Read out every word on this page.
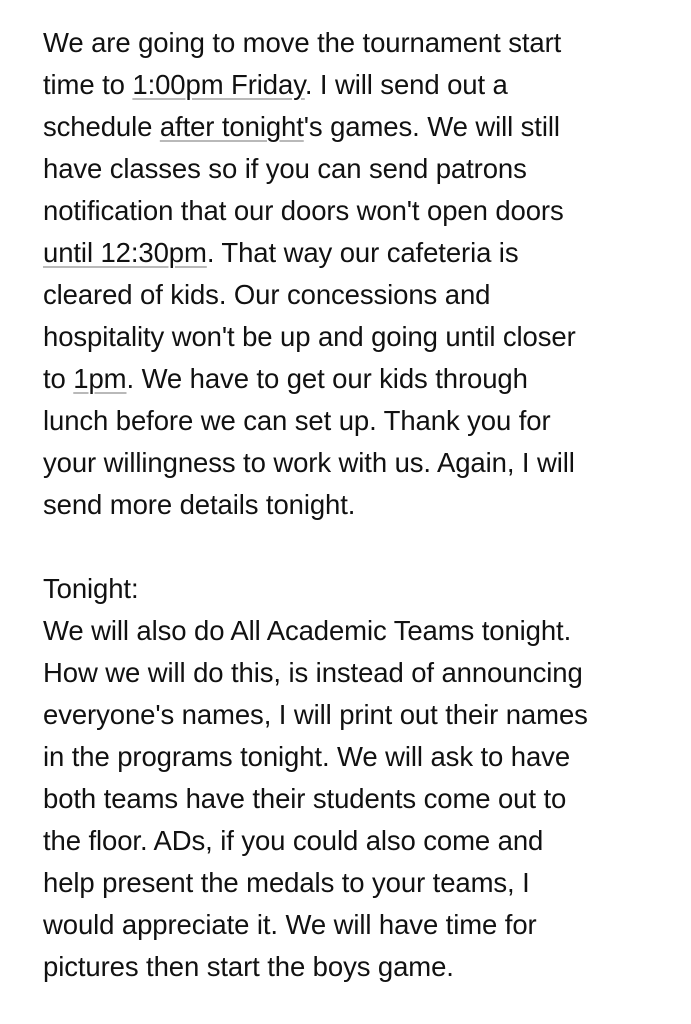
We are going to move the tournament start
time to 1:00pm Friday. I will send out a
schedule after tonight's games. We will still
have classes so if you can send patrons
notification that our doors won't open doors
until 12:30pm. That way our cafeteria is
cleared of kids. Our concessions and
hospitality won't be up and going until closer
to 1pm. We have to get our kids through
lunch before we can set up. Thank you for
your willingness to work with us. Again, I will
send more details tonight.
Tonight:
We will also do All Academic Teams tonight.
How we will do this, is instead of announcing
everyone's names, I will print out their names
in the programs tonight. We will ask to have
both teams have their students come out to
the floor. ADs, if you could also come and
help present the medals to your teams, I
would appreciate it. We will have time for
pictures then start the boys game.
